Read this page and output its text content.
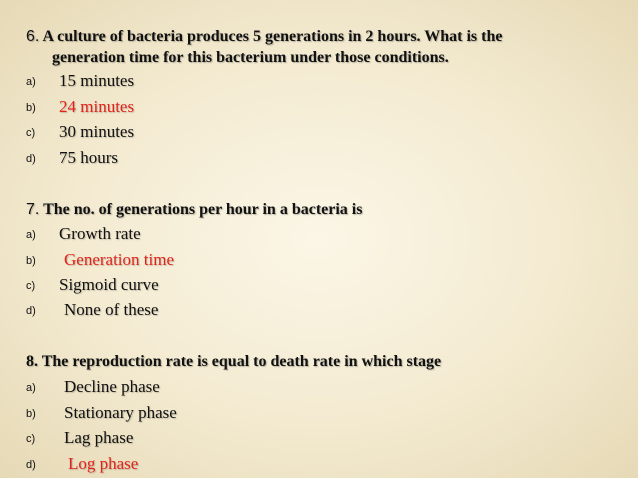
6. A culture of bacteria produces 5 generations in 2 hours. What is the
generation time for this bacterium under those conditions.
a) 15 minutes
b) 24 minutes
c) 30 minutes
d) 75 hours
7. The no. of generations per hour in a bacteria is
a) Growth rate
b) Generation time
c) Sigmoid curve
d) None of these
8. The reproduction rate is equal to death rate in which stage
a) Decline phase
b) Stationary phase
c) Lag phase
d) Log phase
